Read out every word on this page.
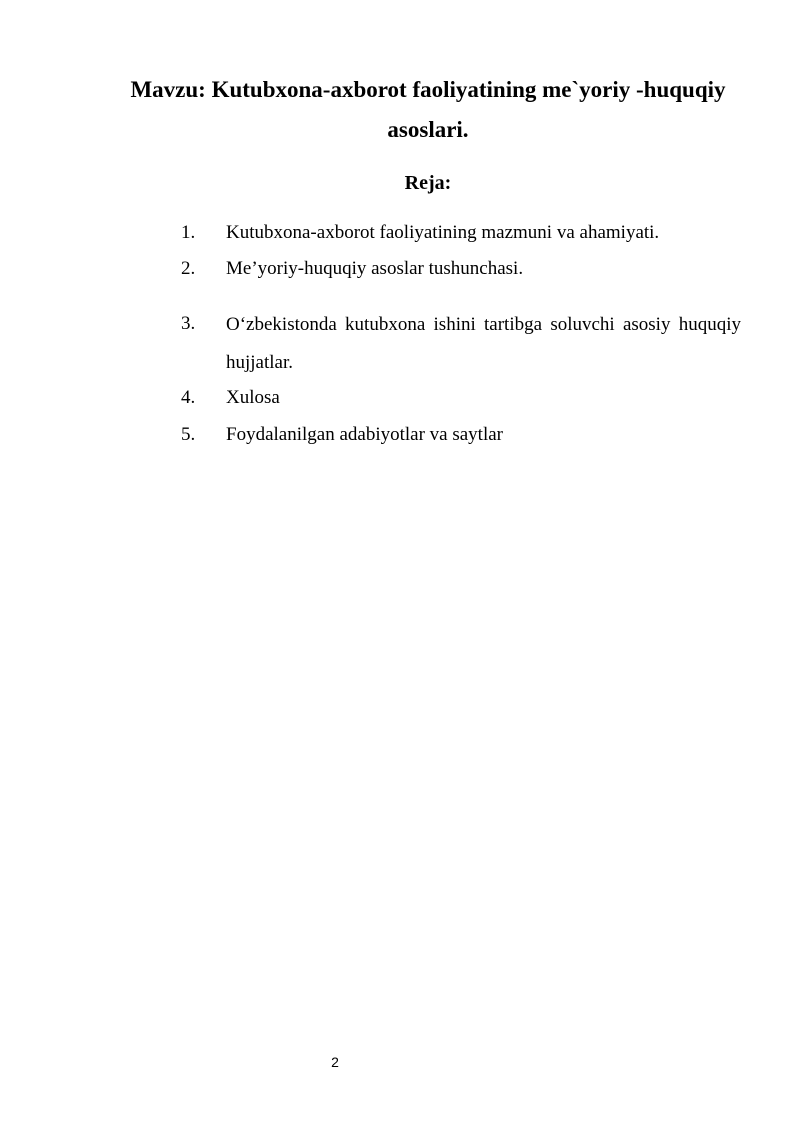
Mavzu: Kutubxona-axborot faoliyatining me`yoriy -huquqiy
asoslari.
Reja:
1. Kutubxona-axborot faoliyatining mazmuni va ahamiyati.
2. Me’yoriy-huquqiy asoslar tushunchasi.
3. O‘zbekistonda kutubxona ishini tartibga soluvchi asosiy huquqiy hujjatlar.
4. Xulosa
5. Foydalanilgan adabiyotlar va saytlar
2
